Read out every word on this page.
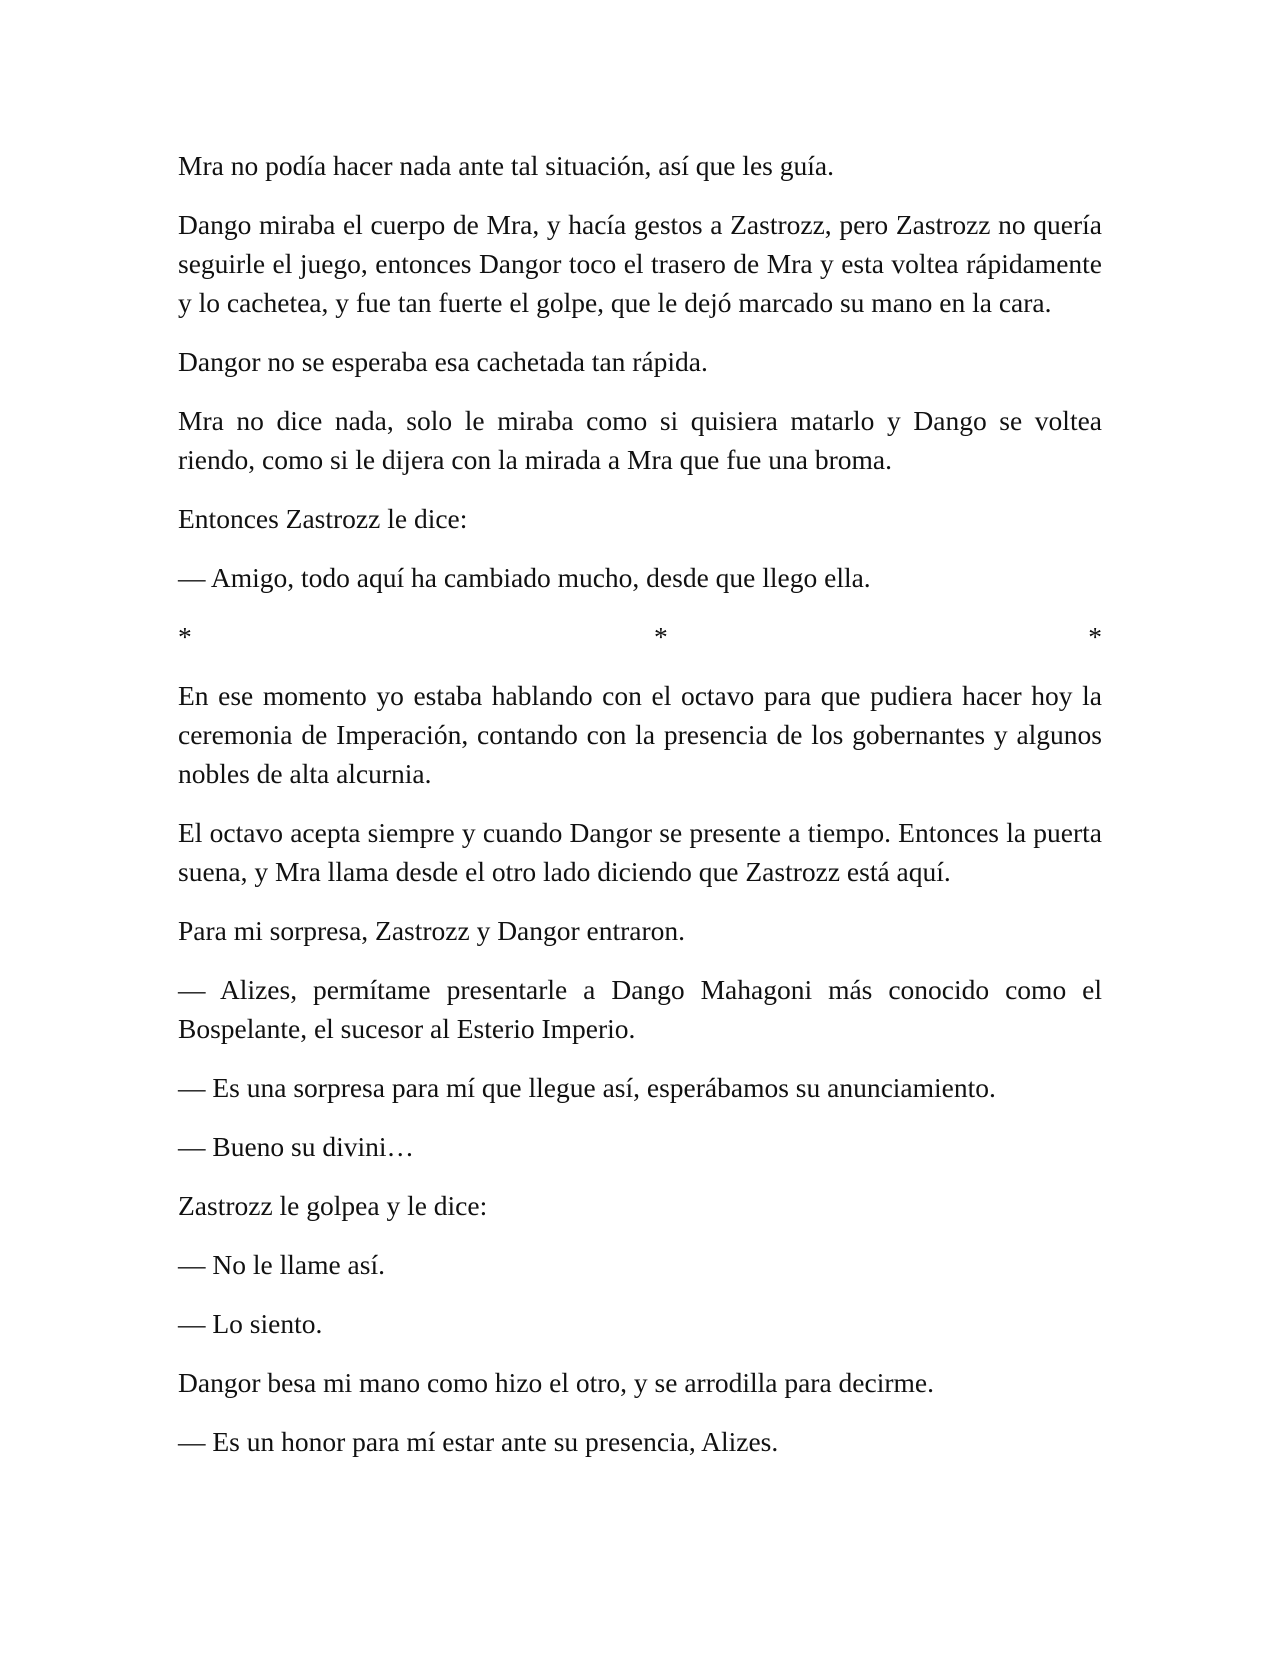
Mra no podía hacer nada ante tal situación, así que les guía.

Dango miraba el cuerpo de Mra, y hacía gestos a Zastrozz, pero Zastrozz no quería seguirle el juego, entonces Dangor toco el trasero de Mra y esta voltea rápidamente y lo cachetea, y fue tan fuerte el golpe, que le dejó marcado su mano en la cara.

Dangor no se esperaba esa cachetada tan rápida.

Mra no dice nada, solo le miraba como si quisiera matarlo y Dango se voltea riendo, como si le dijera con la mirada a Mra que fue una broma.

Entonces Zastrozz le dice:

— Amigo, todo aquí ha cambiado mucho, desde que llego ella.

*	*	*

En ese momento yo estaba hablando con el octavo para que pudiera hacer hoy la ceremonia de Imperación, contando con la presencia de los gobernantes y algunos nobles de alta alcurnia.

El octavo acepta siempre y cuando Dangor se presente a tiempo. Entonces la puerta suena, y Mra llama desde el otro lado diciendo que Zastrozz está aquí.

Para mi sorpresa, Zastrozz y Dangor entraron.

— Alizes, permítame presentarle a Dango Mahagoni más conocido como el Bospelante, el sucesor al Esterio Imperio.

— Es una sorpresa para mí que llegue así, esperábamos su anunciamiento.

— Bueno su divini…

Zastrozz le golpea y le dice:

— No le llame así.

— Lo siento.

Dangor besa mi mano como hizo el otro, y se arrodilla para decirme.

— Es un honor para mí estar ante su presencia, Alizes.
